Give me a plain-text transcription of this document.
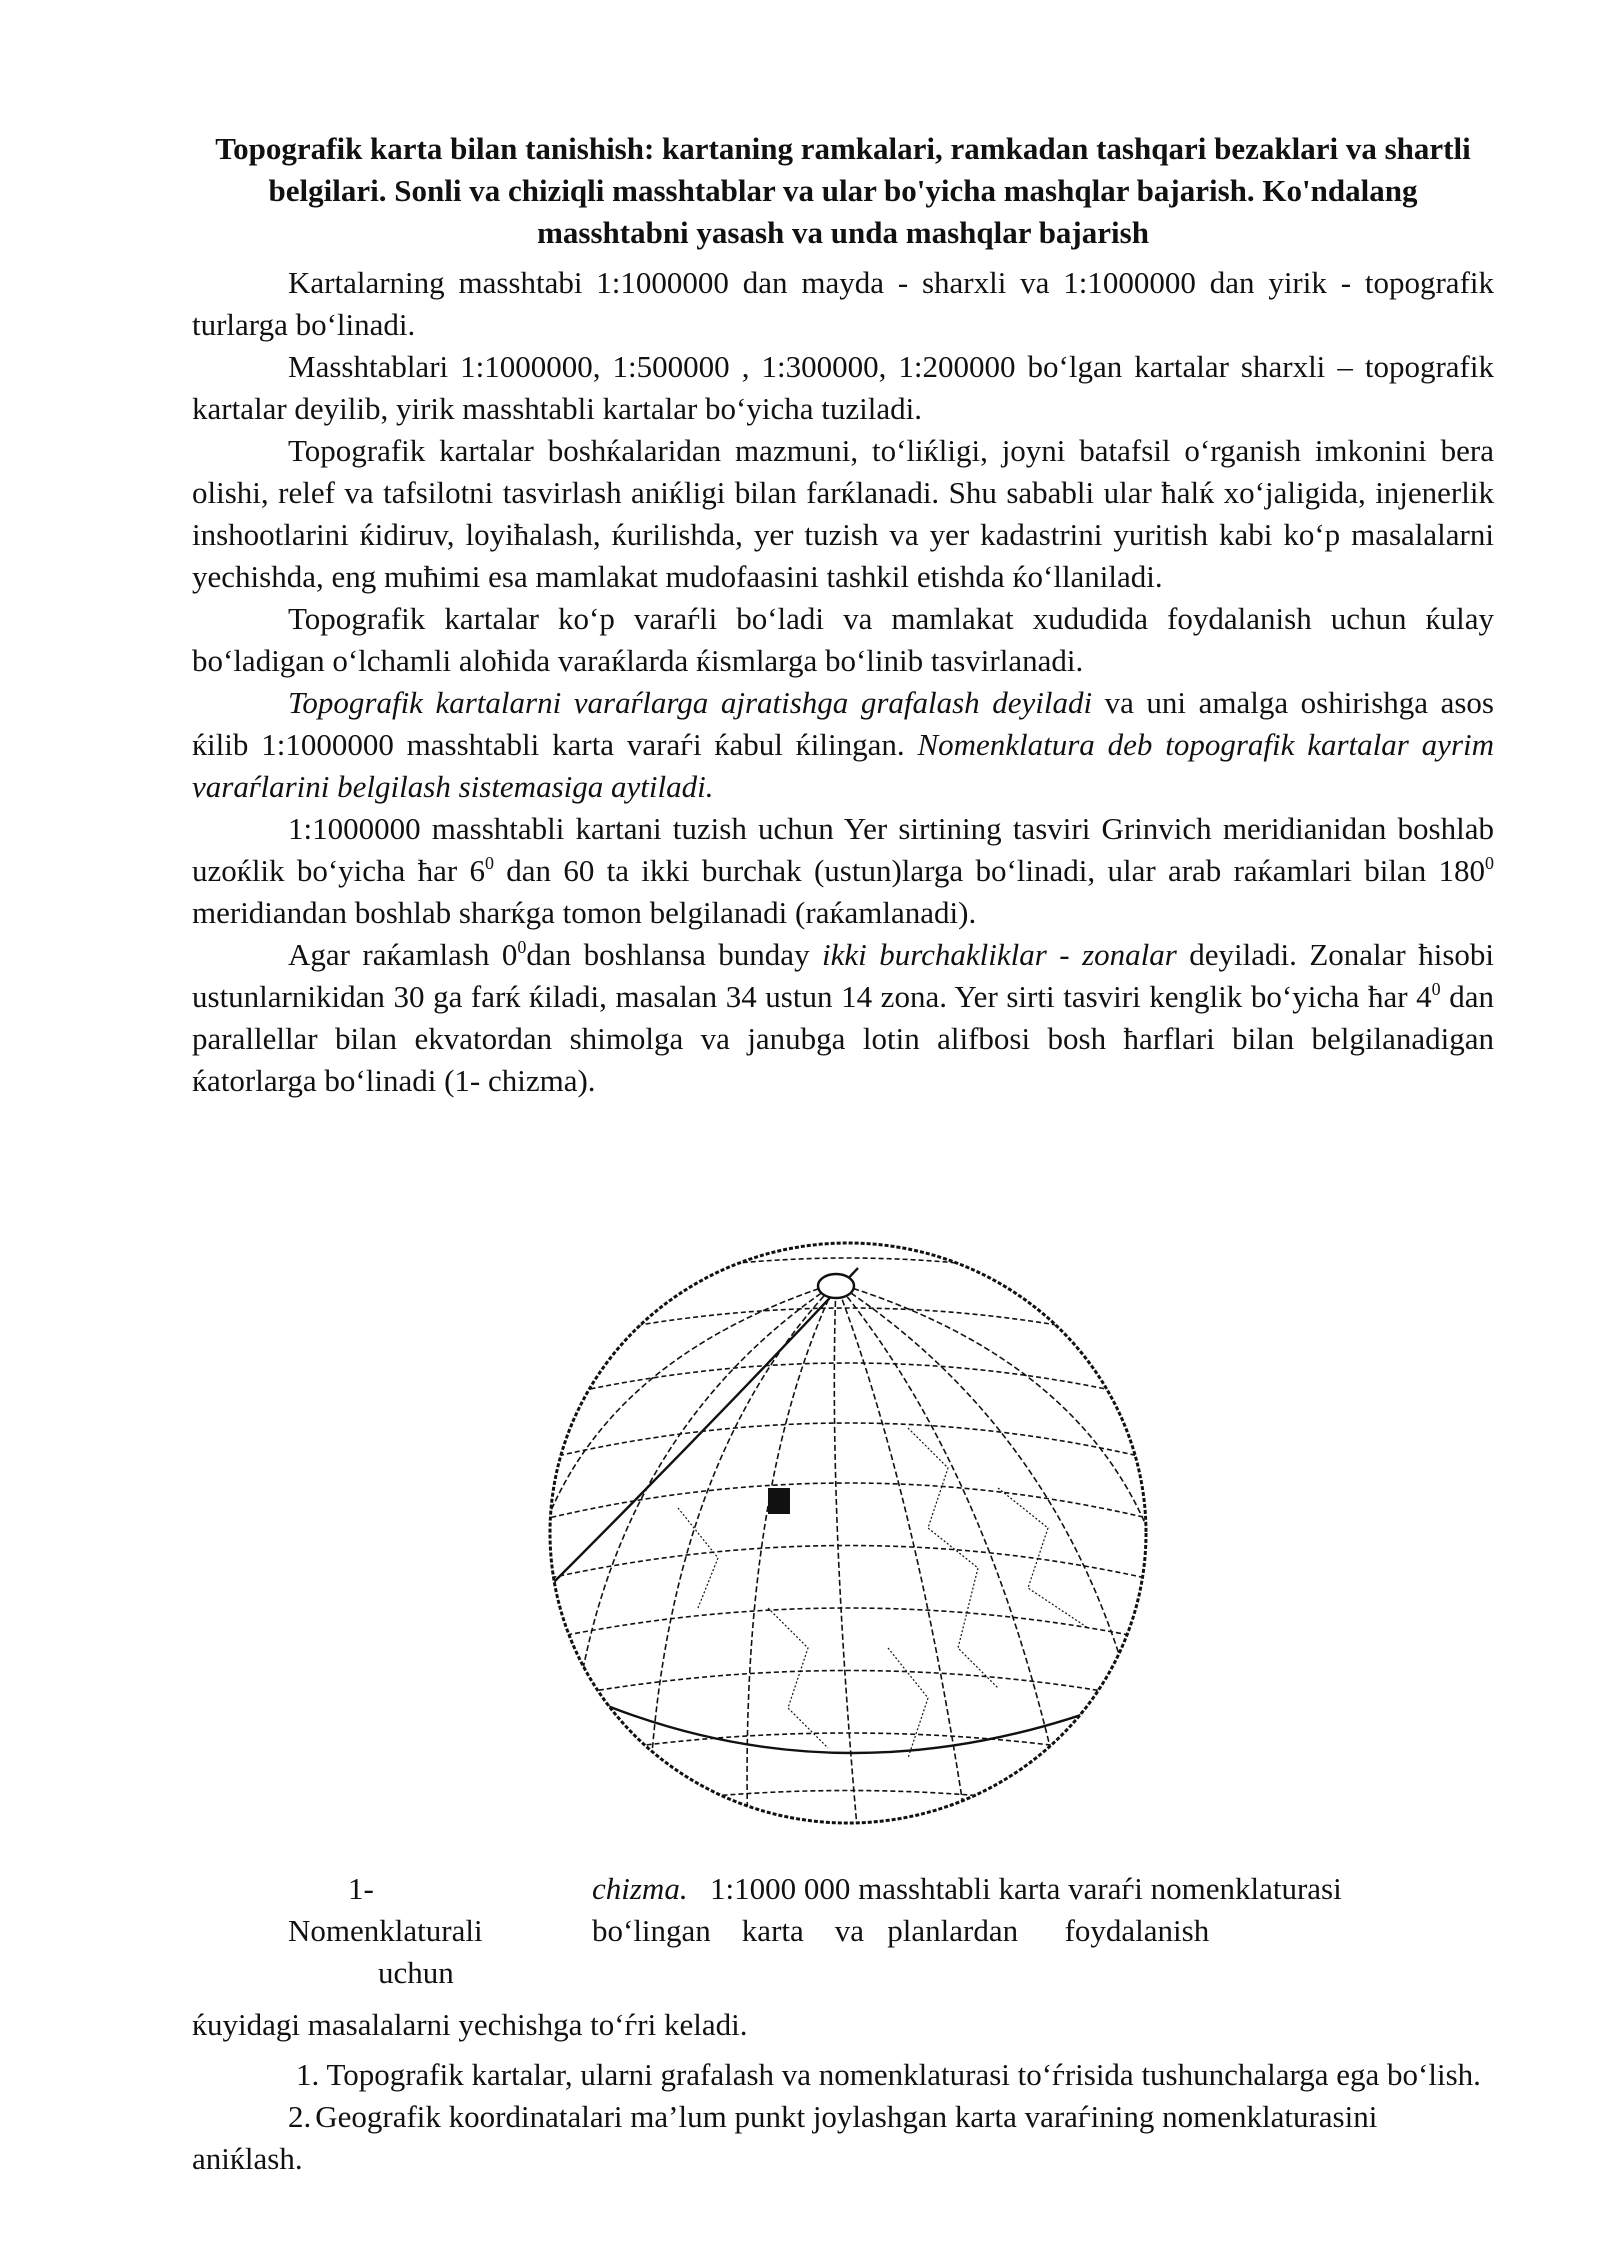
Topografik karta bilan tanishish: kartaning ramkalari, ramkadan tashqari bezaklari va shartli belgilari. Sonli va chiziqli masshtablar va ular bo'yicha mashqlar bajarish. Ko'ndalang masshtabni yasash va unda mashqlar bajarish

Kartalarning masshtabi 1:1000000 dan mayda - sharxli va 1:1000000 dan yirik - topografik turlarga bo‘linadi.

Masshtablari 1:1000000, 1:500000 , 1:300000, 1:200000 bo‘lgan kartalar sharxli – topografik kartalar deyilib, yirik masshtabli kartalar bo‘yicha tuziladi.

Topografik kartalar boshќalaridan mazmuni, to‘liќligi, joyni batafsil o‘rganish imkonini bera olishi, relef va tafsilotni tasvirlash aniќligi bilan farќlanadi. Shu sababli ular ћalќ xo‘jaligida, injenerlik inshootlarini ќidiruv, loyiћalash, ќurilishda, yer tuzish va yer kadastrini yuritish kabi ko‘p masalalarni yechishda, eng muћimi esa mamlakat mudofaasini tashkil etishda ќo‘llaniladi.

Topografik kartalar ko‘p varaѓli bo‘ladi va mamlakat xududida foydalanish uchun ќulay bo‘ladigan o‘lchamli aloћida varaќlarda ќismlarga bo‘linib tasvirlanadi.

Topografik kartalarni varaѓlarga ajratishga grafalash deyiladi va uni amalga oshirishga asos ќilib 1:1000000 masshtabli karta varaѓi ќabul ќilingan. Nomenklatura deb topografik kartalar ayrim varaѓlarini belgilash sistemasiga aytiladi.

1:1000000 masshtabli kartani tuzish uchun Yer sirtining tasviri Grinvich meridianidan boshlab uzoќlik bo‘yicha ћar $6^0$ dan 60 ta ikki burchak (ustun)larga bo‘linadi, ular arab raќamlari bilan $180^0$ meridiandan boshlab sharќga tomon belgilanadi (raќamlanadi).

Agar raќamlash $0^0dan$ boshlansa bunday ikki burchakliklar - zonalar deyiladi. Zonalar ћisobi ustunlarnikidan 30 ga farќ ќiladi, masalan 34 ustun 14 zona. Yer sirti tasviri kenglik bo‘yicha ћar $4^0$ dan parallellar bilan ekvatordan shimolga va janubga lotin alifbosi bosh ћarflari bilan belgilanadigan ќatorlarga bo‘linadi (1- chizma).

1-	chizma. 1:1000 000 masshtabli karta varaѓi nomenklaturasi
Nomenklaturali	bo‘lingan    karta    va   planlardan      foydalanish
uchun

ќuyidagi masalalarni yechishga to‘ѓri keladi.

1. Topografik kartalar, ularni grafalash va nomenklaturasi to‘ѓrisida tushunchalarga ega bo‘lish.

2. Geografik koordinatalari ma’lum punkt joylashgan karta varaѓining nomenklaturasini aniќlash.
